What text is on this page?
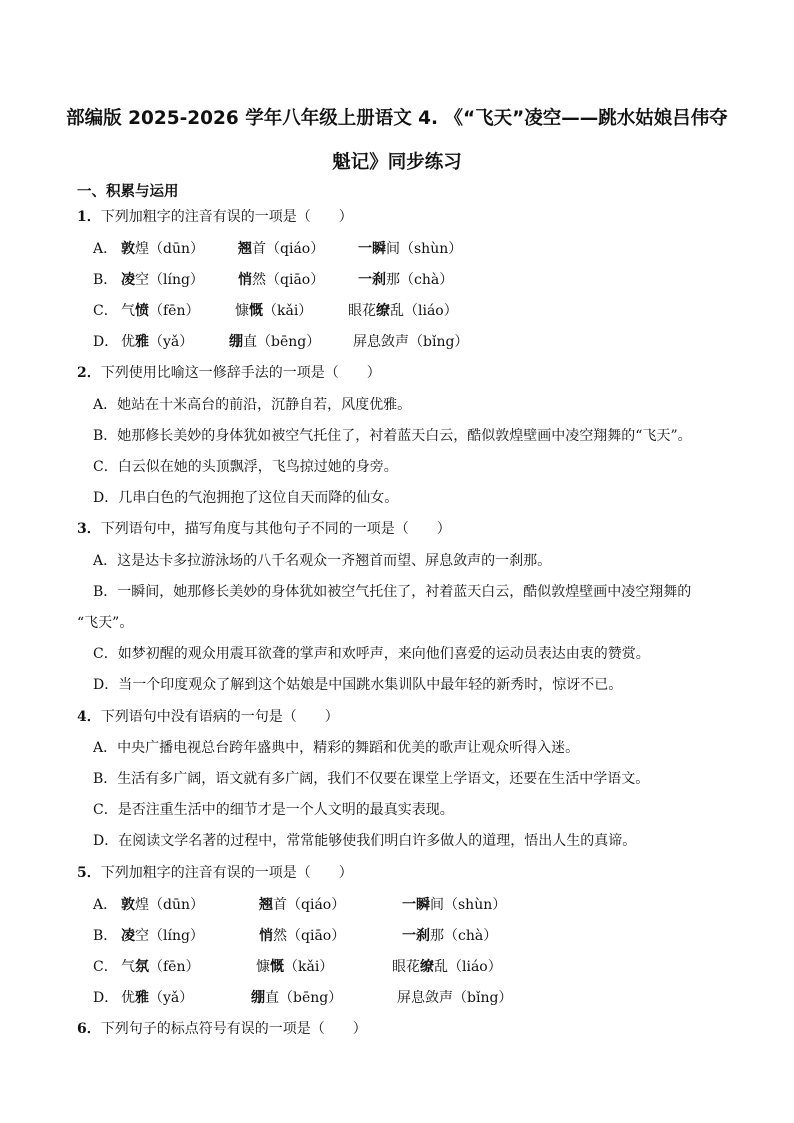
部编版 2025-2026 学年八年级上册语文 4. 《“飞天”凌空——跳水姑娘吕伟夺
魁记》同步练习
一、积累与运用
1．下列加粗字的注音有误的一项是（　　）
A． 敦煌（dūn） 翘首（qiáo） 一瞬间（shùn）
B． 凌空（líng） 悄然（qiāo） 一刹那（chà）
C． 气愤（fēn）	慷慨（kǎi）	眼花缭乱（liáo）
D． 优雅（yǎ）	绷直（bēng） 屏息敛声（bǐng）
2．下列使用比喻这一修辞手法的一项是（　　）
A．她站在十米高台的前沿，沉静自若，风度优雅。
B．她那修长美妙的身体犹如被空气托住了，衬着蓝天白云，酷似敦煌壁画中凌空翔舞的“飞天”。
C．白云似在她的头顶飘浮，飞鸟掠过她的身旁。
D．几串白色的气泡拥抱了这位自天而降的仙女。
3．下列语句中，描写角度与其他句子不同的一项是（　　）
A．这是达卡多拉游泳场的八千名观众一齐翘首而望、屏息敛声的一刹那。
B．一瞬间，她那修长美妙的身体犹如被空气托住了，衬着蓝天白云，酷似敦煌壁画中凌空翔舞的
“飞天”。
C．如梦初醒的观众用震耳欲聋的掌声和欢呼声，来向他们喜爱的运动员表达由衷的赞赏。
D．当一个印度观众了解到这个姑娘是中国跳水集训队中最年轻的新秀时，惊讶不已。
4．下列语句中没有语病的一句是（　　）
A．中央广播电视总台跨年盛典中，精彩的舞蹈和优美的歌声让观众听得入迷。
B．生活有多广阔，语文就有多广阔，我们不仅要在课堂上学语文，还要在生活中学语文。
C．是否注重生活中的细节才是一个人文明的最真实表现。
D．在阅读文学名著的过程中，常常能够使我们明白许多做人的道理，悟出人生的真谛。
5．下列加粗字的注音有误的一项是（　　）
A． 敦煌（dūn）	翘首（qiáo）	一瞬间（shùn）
B． 凌空（líng）	悄然（qiāo）	一刹那（chà）
C． 气氛（fēn）	慷慨（kǎi）	眼花缭乱（liáo）
D． 优雅（yǎ）	绷直（bēng）	屏息敛声（bǐng）
6．下列句子的标点符号有误的一项是（　　）
